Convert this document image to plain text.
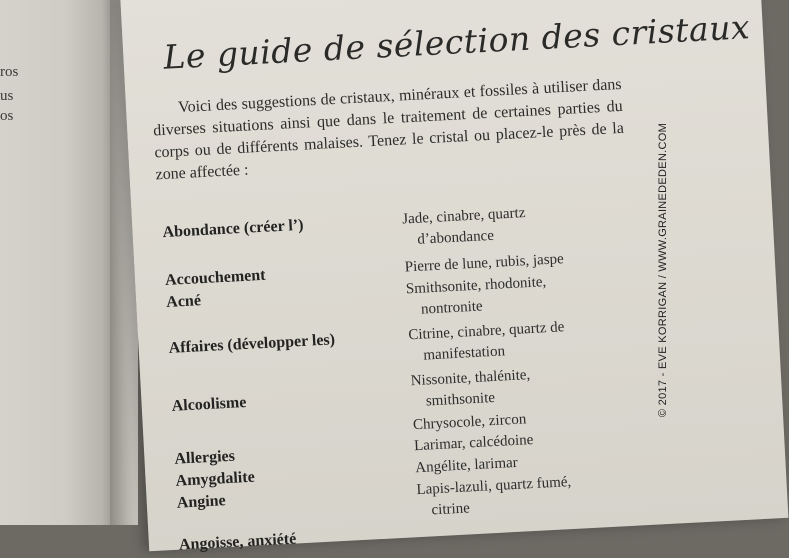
ros
us
os
Le guide de sélection des cristaux
Voici des suggestions de cristaux, minéraux et fossiles à utiliser dans diverses situations ainsi que dans le traitement de certaines parties du corps ou de différents malaises. Tenez le cristal ou placez-le près de la zone affectée :
Abondance (créer l’)
Jade, cinabre, quartz
d’abondance
Accouchement
Pierre de lune, rubis, jaspe
Acné
Smithsonite, rhodonite,
nontronite
Affaires (développer les)	Citrine, cinabre, quartz de
manifestation
Alcoolisme
Nissonite, thalénite,
smithsonite
Chrysocole, zircon
Allergies
Larimar, calcédoine
Amygdalite
Angélite, larimar
Angine
Lapis-lazuli, quartz fumé,
citrine
Angoisse, anxiété
© 2017 - EVE KORRIGAN / WWW.GRAINEDEDEN.COM
